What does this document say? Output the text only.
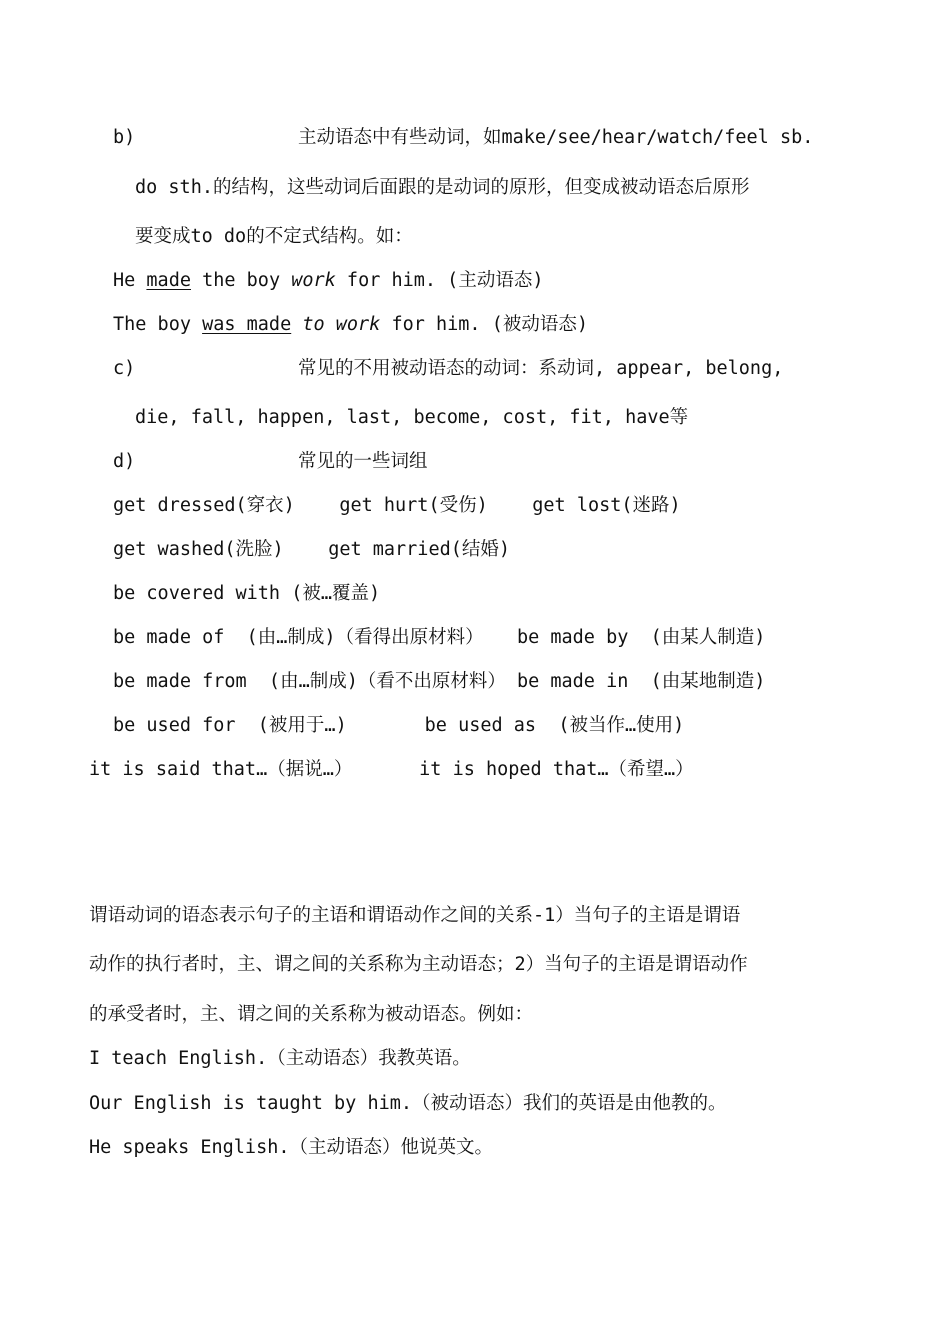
b)	主动语态中有些动词，如make/see/hear/watch/feel sb.
do sth.的结构，这些动词后面跟的是动词的原形，但变成被动语态后原形
要变成to do的不定式结构。如：
He made the boy work for him. (主动语态)
The boy was made to work for him. (被动语态)
c)	常见的不用被动语态的动词：系动词, appear, belong,
die, fall, happen, last, become, cost, fit, have等
d)	常见的一些词组
get dressed(穿衣)    get hurt(受伤)    get lost(迷路)
get washed(洗脸)    get married(结婚)
be covered with (被…覆盖)
be made of  (由…制成)（看得出原材料）   be made by  (由某人制造)
be made from  (由…制成)（看不出原材料） be made in  (由某地制造)
be used for  (被用于…)       be used as  (被当作…使用)
it is said that…（据说…）      it is hoped that…（希望…）
谓语动词的语态表示句子的主语和谓语动作之间的关系-1）当句子的主语是谓语
动作的执行者时，主、谓之间的关系称为主动语态；2）当句子的主语是谓语动作
的承受者时，主、谓之间的关系称为被动语态。例如：
I teach English.（主动语态）我教英语。
Our English is taught by him.（被动语态）我们的英语是由他教的。
He speaks English.（主动语态）他说英文。
